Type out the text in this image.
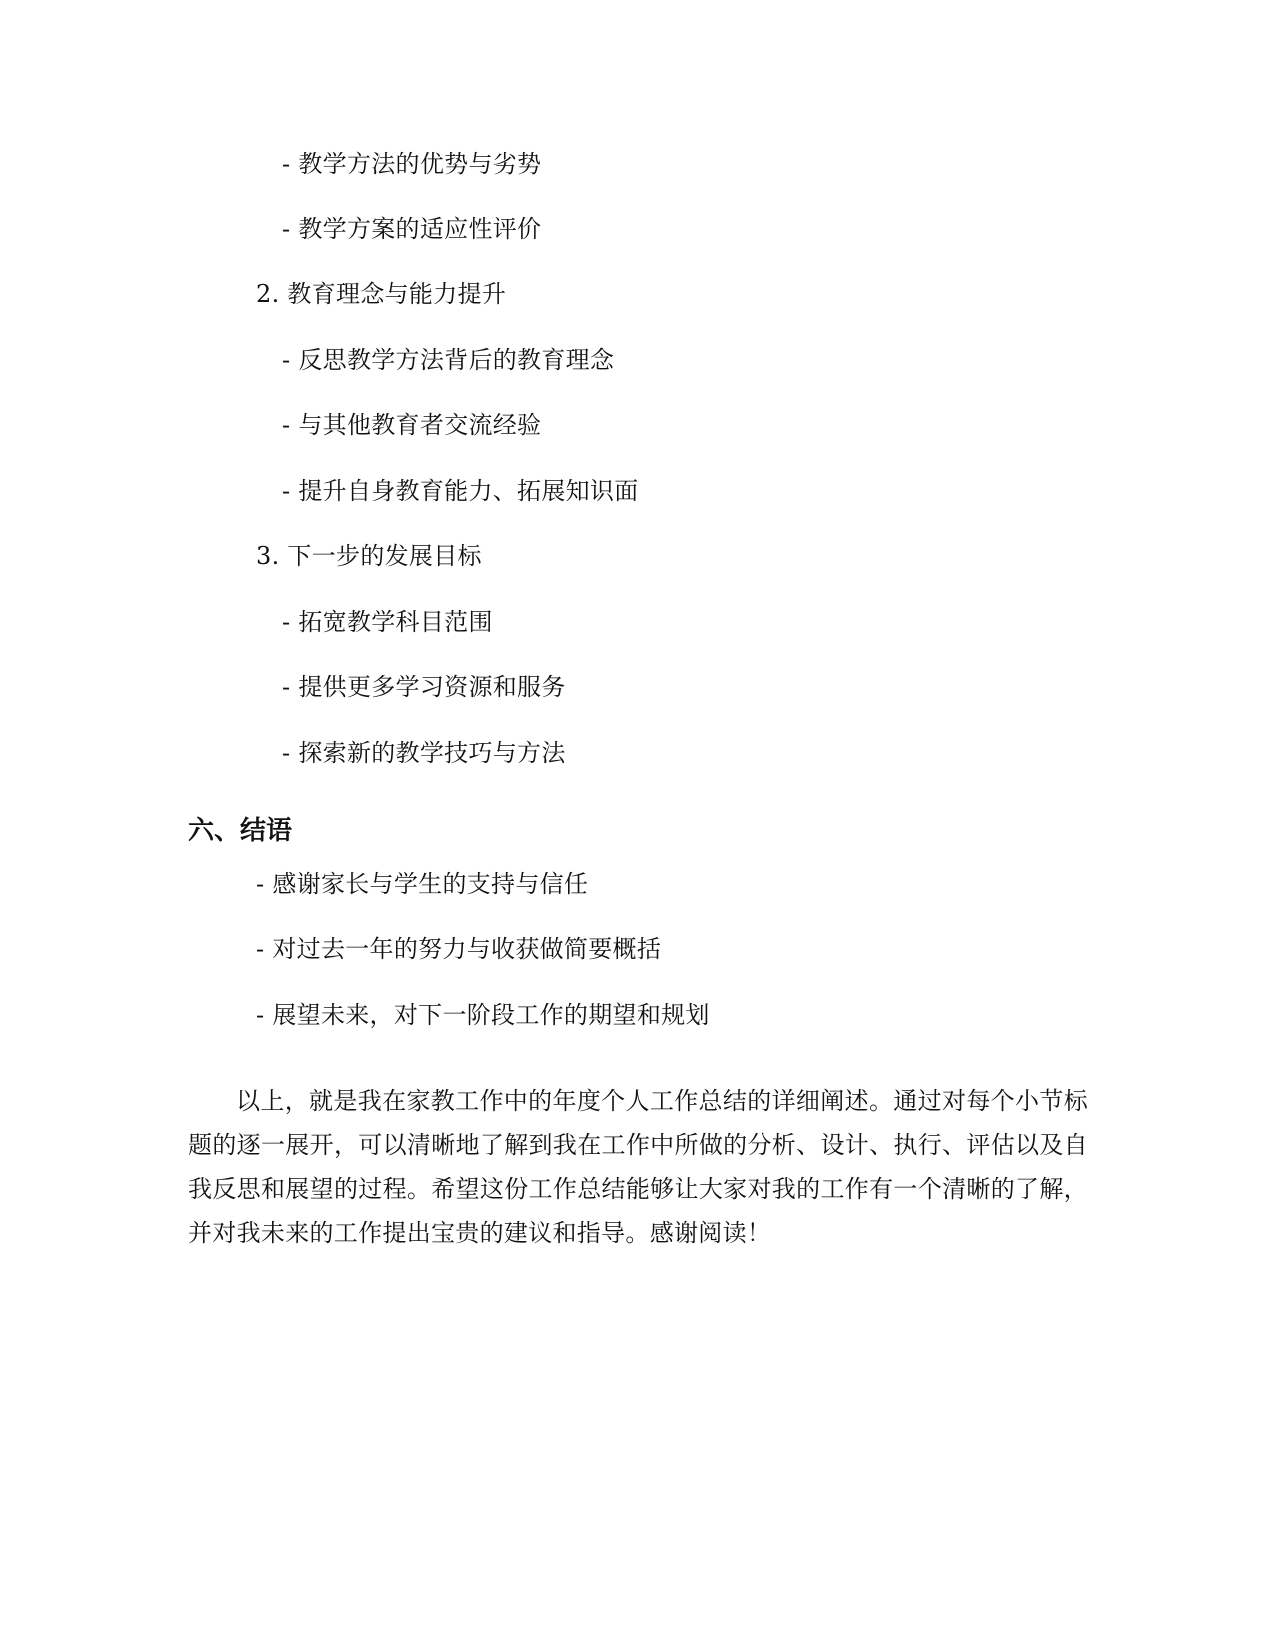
- 教学方法的优势与劣势
- 教学方案的适应性评价
2. 教育理念与能力提升
- 反思教学方法背后的教育理念
- 与其他教育者交流经验
- 提升自身教育能力、拓展知识面
3. 下一步的发展目标
- 拓宽教学科目范围
- 提供更多学习资源和服务
- 探索新的教学技巧与方法
六、结语
- 感谢家长与学生的支持与信任
- 对过去一年的努力与收获做简要概括
- 展望未来，对下一阶段工作的期望和规划

以上，就是我在家教工作中的年度个人工作总结的详细阐述。通过对每个小节标题的逐一展开，可以清晰地了解到我在工作中所做的分析、设计、执行、评估以及自我反思和展望的过程。希望这份工作总结能够让大家对我的工作有一个清晰的了解，并对我未来的工作提出宝贵的建议和指导。感谢阅读！
